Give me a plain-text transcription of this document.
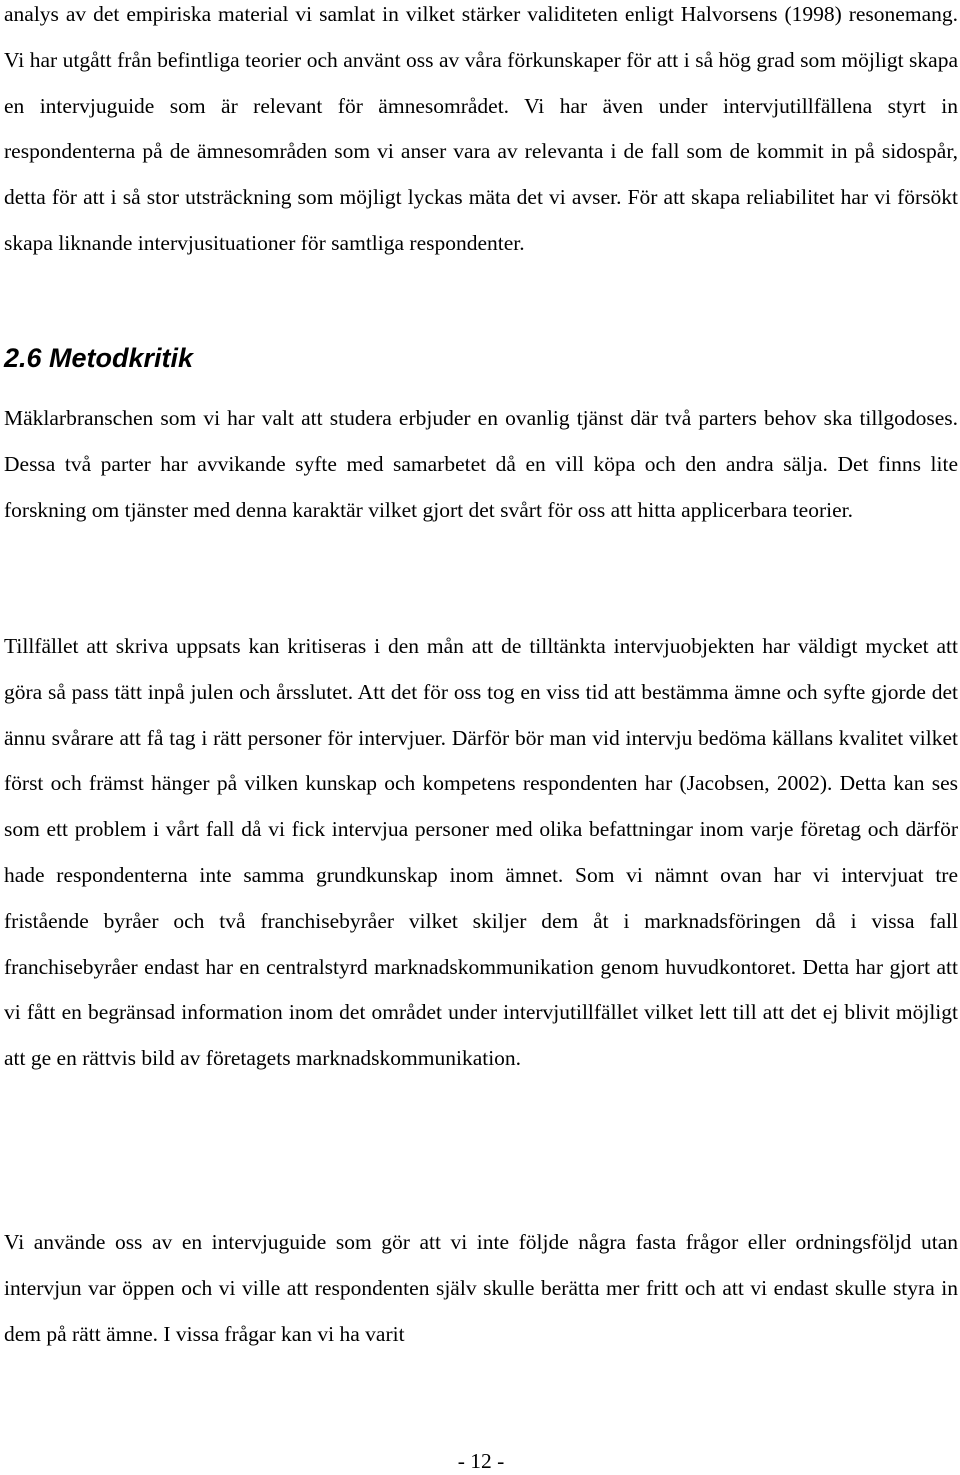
analys av det empiriska material vi samlat in vilket stärker validiteten enligt Halvorsens (1998) resonemang. Vi har utgått från befintliga teorier och använt oss av våra förkunskaper för att i så hög grad som möjligt skapa en intervjuguide som är relevant för ämnesområdet. Vi har även under intervjutillfällena styrt in respondenterna på de ämnesområden som vi anser vara av relevanta i de fall som de kommit in på sidospår, detta för att i så stor utsträckning som möjligt lyckas mäta det vi avser. För att skapa reliabilitet har vi försökt skapa liknande intervjusituationer för samtliga respondenter.

2.6 Metodkritik

Mäklarbranschen som vi har valt att studera erbjuder en ovanlig tjänst där två parters behov ska tillgodoses. Dessa två parter har avvikande syfte med samarbetet då en vill köpa och den andra sälja. Det finns lite forskning om tjänster med denna karaktär vilket gjort det svårt för oss att hitta applicerbara teorier.

Tillfället att skriva uppsats kan kritiseras i den mån att de tilltänkta intervjuobjekten har väldigt mycket att göra så pass tätt inpå julen och årsslutet. Att det för oss tog en viss tid att bestämma ämne och syfte gjorde det ännu svårare att få tag i rätt personer för intervjuer. Därför bör man vid intervju bedöma källans kvalitet vilket först och främst hänger på vilken kunskap och kompetens respondenten har (Jacobsen, 2002). Detta kan ses som ett problem i vårt fall då vi fick intervjua personer med olika befattningar inom varje företag och därför hade respondenterna inte samma grundkunskap inom ämnet. Som vi nämnt ovan har vi intervjuat tre fristående byråer och två franchisebyråer vilket skiljer dem åt i marknadsföringen då i vissa fall franchisebyråer endast har en centralstyrd marknadskommunikation genom huvudkontoret. Detta har gjort att vi fått en begränsad information inom det området under intervjutillfället vilket lett till att det ej blivit möjligt att ge en rättvis bild av företagets marknadskommunikation.

Vi använde oss av en intervjuguide som gör att vi inte följde några fasta frågor eller ordningsföljd utan intervjun var öppen och vi ville att respondenten själv skulle berätta mer fritt och att vi endast skulle styra in dem på rätt ämne. I vissa frågar kan vi ha varit

- 12 -
